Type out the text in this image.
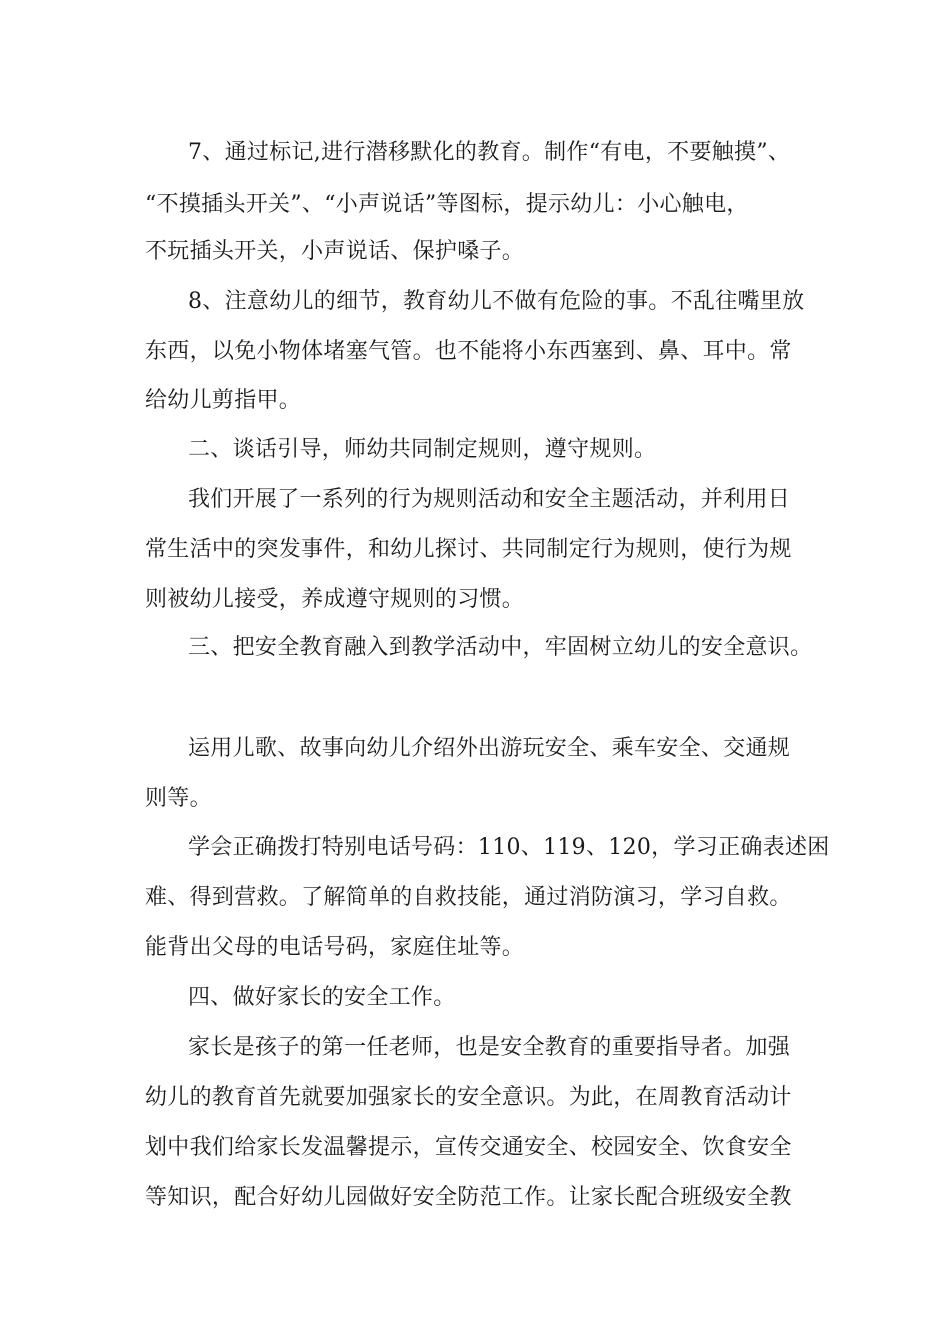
7、通过标记,进行潜移默化的教育。制作“有电，不要触摸”、
“不摸插头开关”、“小声说话”等图标，提示幼儿：小心触电，
不玩插头开关，小声说话、保护嗓子。
8、注意幼儿的细节，教育幼儿不做有危险的事。不乱往嘴里放
东西，以免小物体堵塞气管。也不能将小东西塞到、鼻、耳中。常
给幼儿剪指甲。
二、谈话引导，师幼共同制定规则，遵守规则。
我们开展了一系列的行为规则活动和安全主题活动，并利用日
常生活中的突发事件，和幼儿探讨、共同制定行为规则，使行为规
则被幼儿接受，养成遵守规则的习惯。
三、把安全教育融入到教学活动中，牢固树立幼儿的安全意识。
运用儿歌、故事向幼儿介绍外出游玩安全、乘车安全、交通规
则等。
学会正确拨打特别电话号码：110、119、120，学习正确表述困
难、得到营救。了解简单的自救技能，通过消防演习，学习自救。
能背出父母的电话号码，家庭住址等。
四、做好家长的安全工作。
家长是孩子的第一任老师，也是安全教育的重要指导者。加强
幼儿的教育首先就要加强家长的安全意识。为此，在周教育活动计
划中我们给家长发温馨提示，宣传交通安全、校园安全、饮食安全
等知识，配合好幼儿园做好安全防范工作。让家长配合班级安全教
